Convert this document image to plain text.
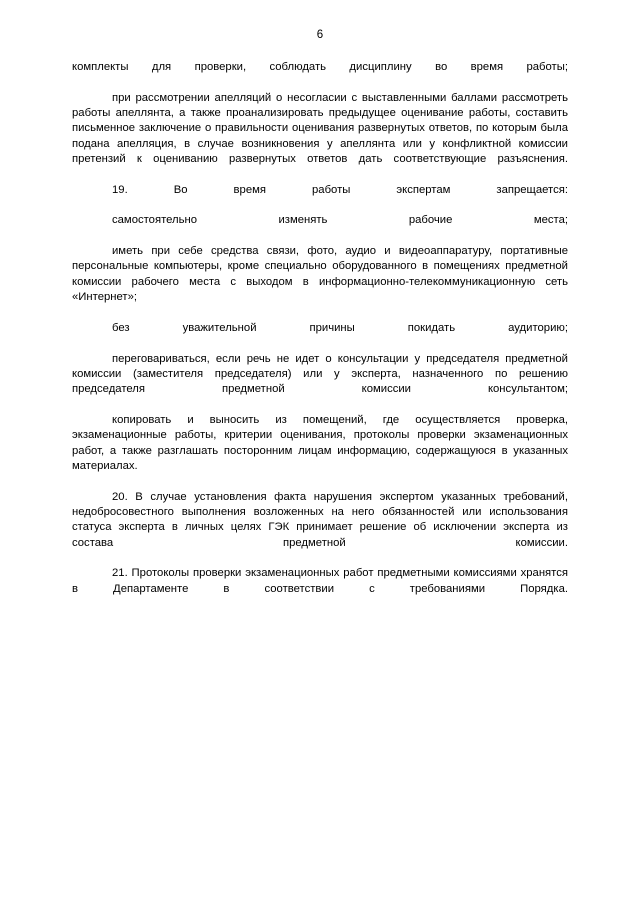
6

комплекты для проверки, соблюдать дисциплину во время работы;

при рассмотрении апелляций о несогласии с выставленными баллами рассмотреть работы апеллянта, а также проанализировать предыдущее оценивание работы, составить письменное заключение о правильности оценивания развернутых ответов, по которым была подана апелляция, в случае возникновения у апеллянта или у конфликтной комиссии претензий к оцениванию развернутых ответов дать соответствующие разъяснения.

19. Во время работы экспертам запрещается:

самостоятельно изменять рабочие места;

иметь при себе средства связи, фото, аудио и видеоаппаратуру, портативные персональные компьютеры, кроме специально оборудованного в помещениях предметной комиссии рабочего места с выходом в информационно-телекоммуникационную сеть «Интернет»;

без уважительной причины покидать аудиторию;

переговариваться, если речь не идет о консультации у председателя предметной комиссии (заместителя председателя) или у эксперта, назначенного по решению председателя предметной комиссии консультантом;

копировать и выносить из помещений, где осуществляется проверка, экзаменационные работы, критерии оценивания, протоколы проверки экзаменационных работ, а также разглашать посторонним лицам информацию, содержащуюся в указанных материалах.

20. В случае установления факта нарушения экспертом указанных требований, недобросовестного выполнения возложенных на него обязанностей или использования статуса эксперта в личных целях ГЭК принимает решение об исключении эксперта из состава предметной комиссии.

21. Протоколы проверки экзаменационных работ предметными комиссиями хранятся в Департаменте в соответствии с требованиями Порядка.
